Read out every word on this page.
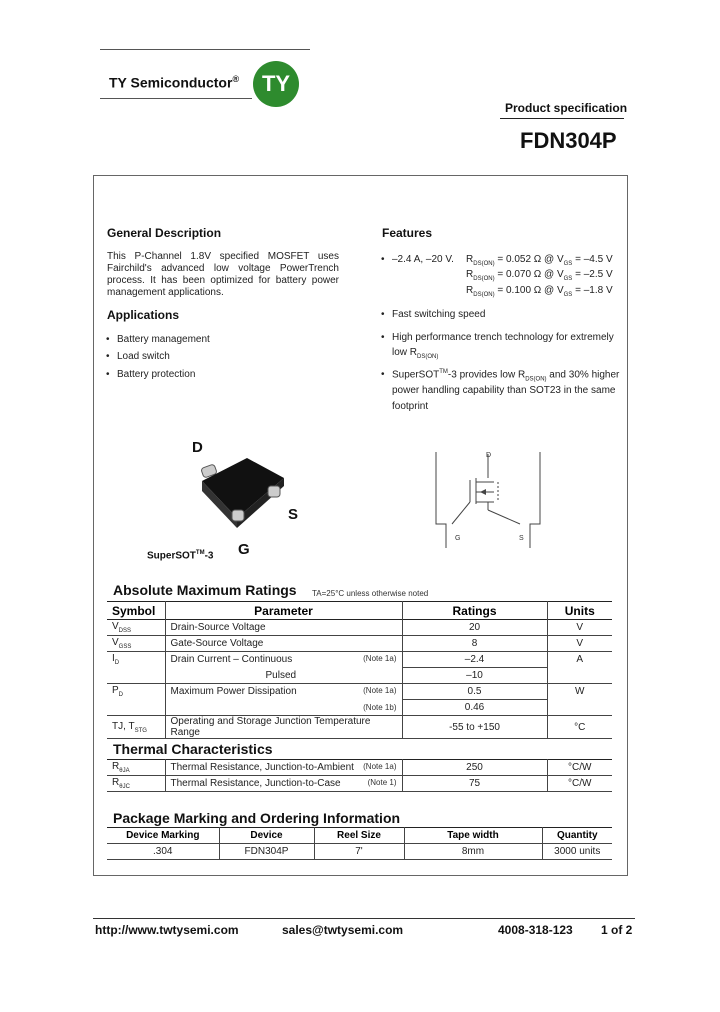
TY Semiconductor®	TY
Product specification
FDN304P
General Description
This P-Channel 1.8V specified MOSFET uses Fairchild's advanced low voltage PowerTrench process. It has been optimized for battery power management applications.
Applications
• Battery management
• Load switch
• Battery protection
Features
• –2.4 A, –20 V. $R_{DS(ON)} = 0.052$ Ω @ $V_{GS} = -4.5$ V
$R_{DS(ON)} = 0.070$ Ω @ $V_{GS} = -2.5$ V
$R_{DS(ON)} = 0.100$ Ω @ $V_{GS} = -1.8$ V
• Fast switching speed
• High performance trench technology for extremely
low $R_{DS(ON)}$
• SuperSOT™-3 provides low $R_{DS(ON)}$ and 30% higher
power handling capability than SOT23 in the same
footprint
D
S
G
SuperSOT™-3
D
G	S
Absolute Maximum Ratings TA=25°C unless otherwise noted
Symbol	Parameter	Ratings	Units
$V_{DSS}$	Drain-Source Voltage	20	V
$V_{GSS}$	Gate-Source Voltage	8	V
$I_D$	Drain Current – Continuous (Note 1a)	–2.4	A
	Pulsed	–10	
$P_D$	Maximum Power Dissipation (Note 1a)	0.5	W

	(Note 1b)	0.46	
TJ, $T_{STG}$	Operating and Storage Junction Temperature Range	-55 to +150	°C
Thermal Characteristics
$R_{\theta JA}$	Thermal Resistance, Junction-to-Ambient (Note 1a)	250	°C/W
$R_{\theta JC}$	Thermal Resistance, Junction-to-Case (Note 1)	75	°C/W
Package Marking and Ordering Information
Device Marking	Device	Reel Size	Tape width	Quantity
.304	FDN304P	7'	8mm	3000 units
http://www.twtysemi.com	sales@twtysemi.com	4008-318-123 1 of 2
